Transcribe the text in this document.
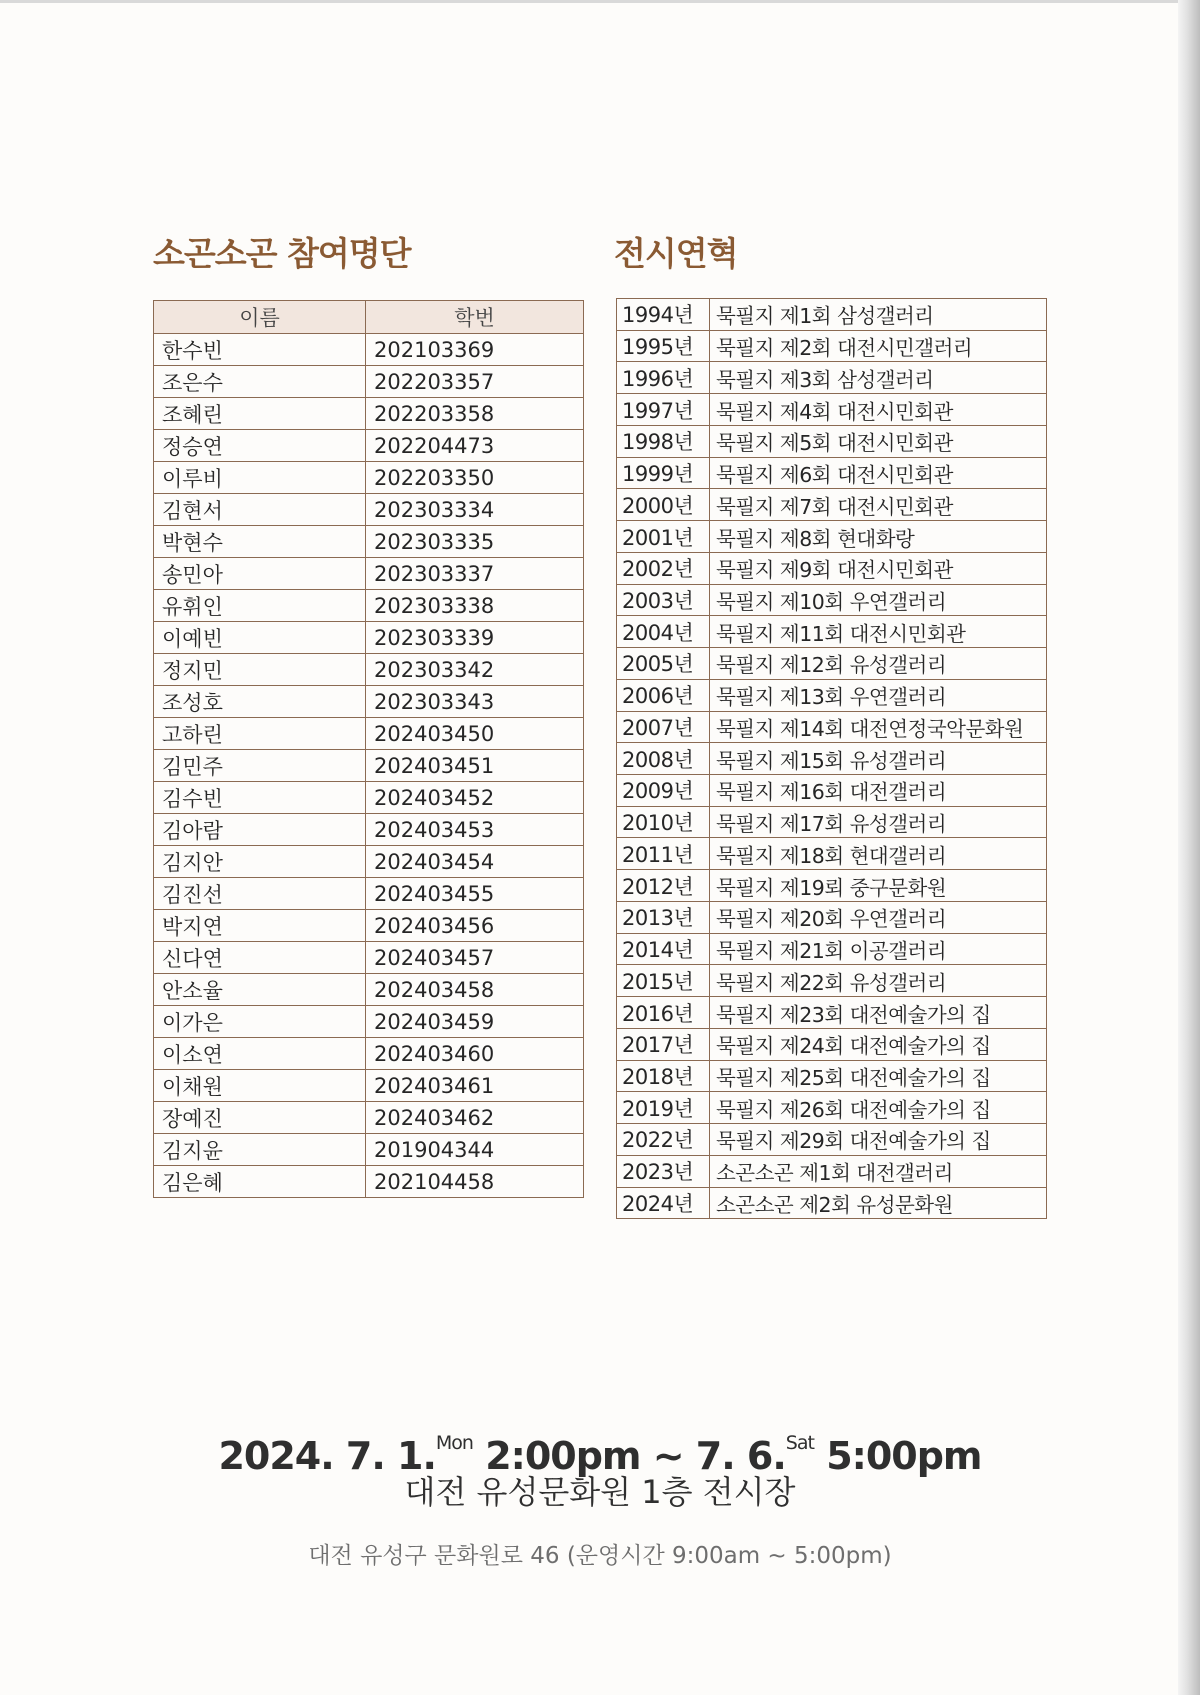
소곤소곤 참여명단	전시연혁
이름	학번
한수빈	202103369
조은수	202203357
조혜린	202203358
정승연	202204473
이루비	202203350
김현서	202303334
박현수	202303335
송민아	202303337
유휘인	202303338
이예빈	202303339
정지민	202303342
조성호	202303343
고하린	202403450
김민주	202403451
김수빈	202403452
김아람	202403453
김지안	202403454
김진선	202403455
박지연	202403456
신다연	202403457
안소율	202403458
이가은	202403459
이소연	202403460
이채원	202403461
장예진	202403462
김지윤	201904344
김은혜	202104458
1994년	묵필지 제1회 삼성갤러리
1995년	묵필지 제2회 대전시민갤러리
1996년	묵필지 제3회 삼성갤러리
1997년	묵필지 제4회 대전시민회관
1998년	묵필지 제5회 대전시민회관
1999년	묵필지 제6회 대전시민회관
2000년	묵필지 제7회 대전시민회관
2001년	묵필지 제8회 현대화랑
2002년	묵필지 제9회 대전시민회관
2003년	묵필지 제10회 우연갤러리
2004년	묵필지 제11회 대전시민회관
2005년	묵필지 제12회 유성갤러리
2006년	묵필지 제13회 우연갤러리
2007년	묵필지 제14회 대전연정국악문화원
2008년	묵필지 제15회 유성갤러리
2009년	묵필지 제16회 대전갤러리
2010년	묵필지 제17회 유성갤러리
2011년	묵필지 제18회 현대갤러리
2012년	묵필지 제19뢰 중구문화원
2013년	묵필지 제20회 우연갤러리
2014년	묵필지 제21회 이공갤러리
2015년	묵필지 제22회 유성갤러리
2016년	묵필지 제23회 대전예술가의 집
2017년	묵필지 제24회 대전예술가의 집
2018년	묵필지 제25회 대전예술가의 집
2019년	묵필지 제26회 대전예술가의 집
2022년	묵필지 제29회 대전예술가의 집
2023년	소곤소곤 제1회 대전갤러리
2024년	소곤소곤 제2회 유성문화원

2024. 7. 1.$^{Mon}$ 2:00pm ~ 7. 6.$^{Sat}$ 5:00pm

대전 유성문화원 1층 전시장

대전 유성구 문화원로 46 (운영시간 9:00am ~ 5:00pm)
